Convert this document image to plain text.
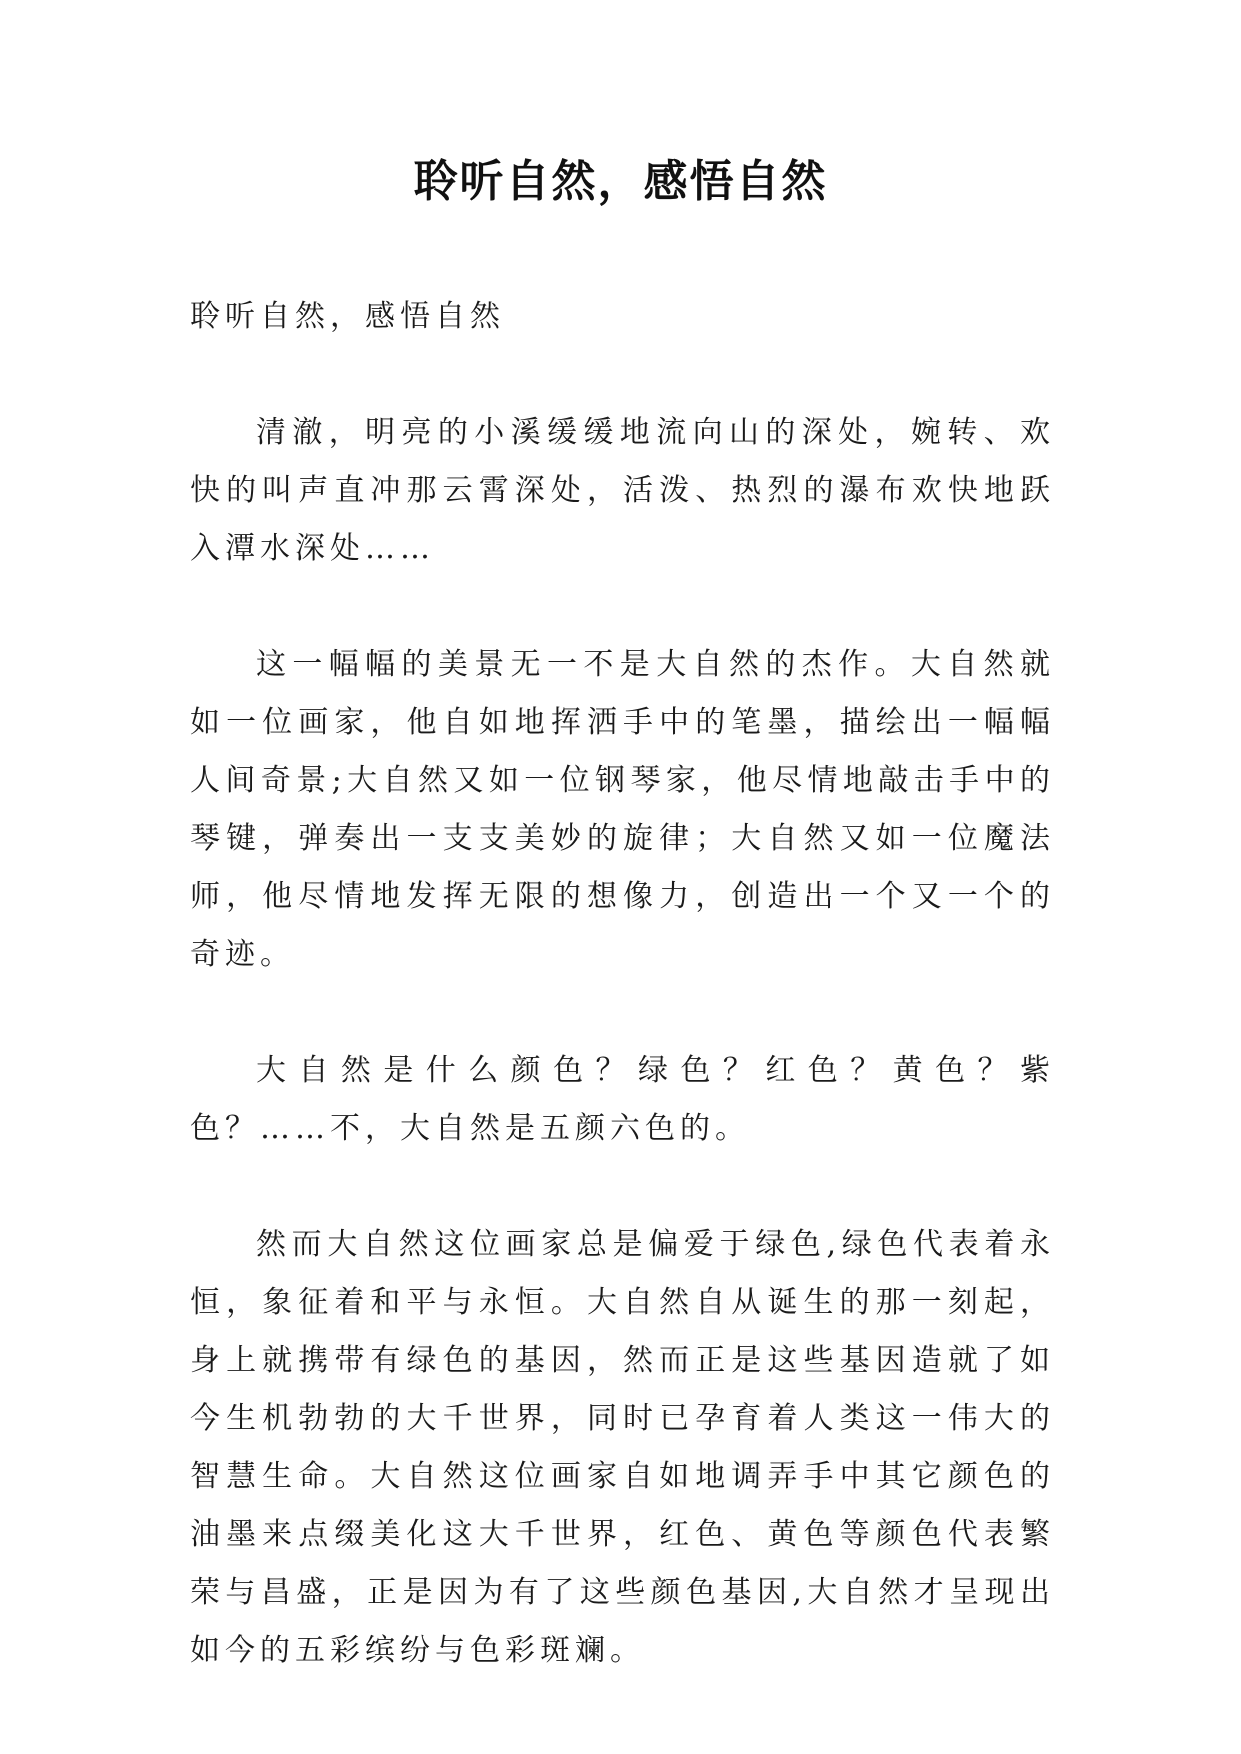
聆听自然，感悟自然

聆听自然，感悟自然

清澈，明亮的小溪缓缓地流向山的深处，婉转、欢快的叫声直冲那云霄深处，活泼、热烈的瀑布欢快地跃入潭水深处……

这一幅幅的美景无一不是大自然的杰作。大自然就如一位画家，他自如地挥洒手中的笔墨，描绘出一幅幅人间奇景;大自然又如一位钢琴家，他尽情地敲击手中的琴键，弹奏出一支支美妙的旋律；大自然又如一位魔法师，他尽情地发挥无限的想像力，创造出一个又一个的奇迹。

大自然是什么颜色？绿色？红色？黄色？紫色？……不，大自然是五颜六色的。

然而大自然这位画家总是偏爱于绿色,绿色代表着永恒，象征着和平与永恒。大自然自从诞生的那一刻起，身上就携带有绿色的基因，然而正是这些基因造就了如今生机勃勃的大千世界，同时已孕育着人类这一伟大的智慧生命。大自然这位画家自如地调弄手中其它颜色的油墨来点缀美化这大千世界，红色、黄色等颜色代表繁荣与昌盛，正是因为有了这些颜色基因,大自然才呈现出如今的五彩缤纷与色彩斑斓。
